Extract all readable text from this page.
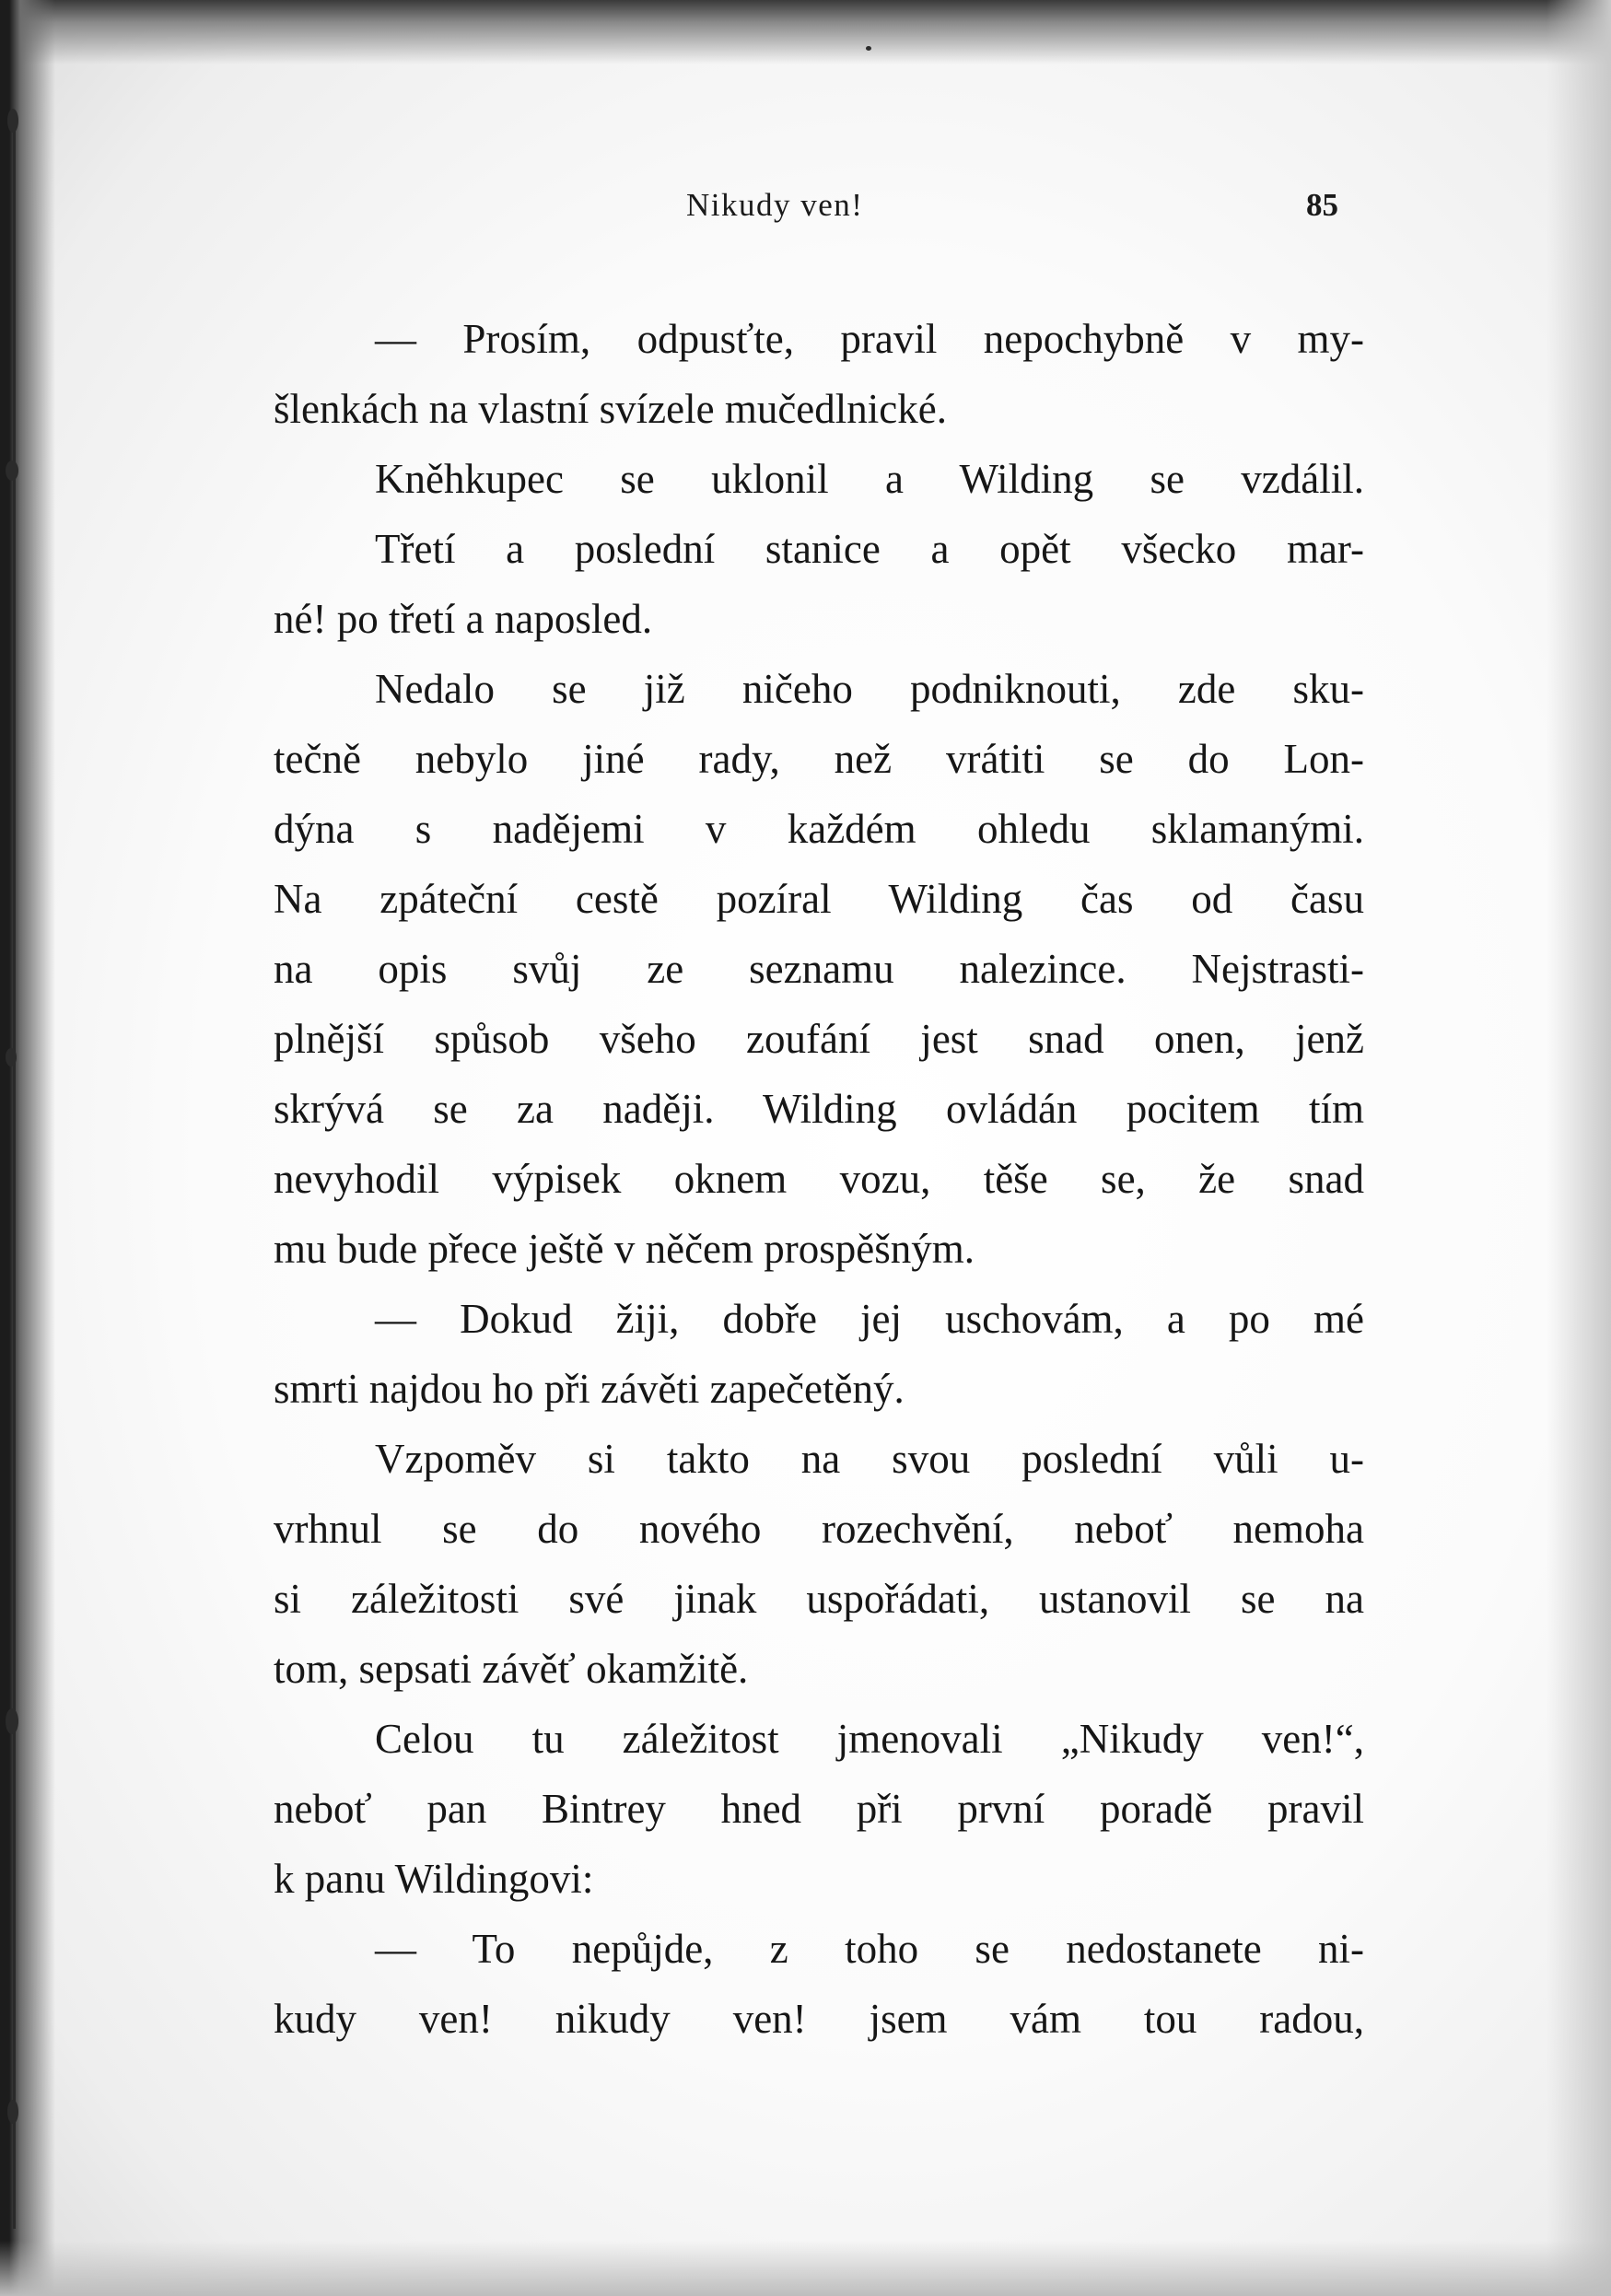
Nikudy ven!	85
— Prosím, odpusťte, pravil nepochybně v my-
šlenkách na vlastní svízele mučedlnické.
Kněhkupec se uklonil a Wilding se vzdálil.
Třetí a poslední stanice a opět všecko mar-
né! po třetí a naposled.
Nedalo se již ničeho podniknouti, zde sku-
tečně nebylo jiné rady, než vrátiti se do Lon-
dýna s nadějemi v každém ohledu sklamanými.
Na zpáteční cestě pozíral Wilding čas od času
na opis svůj ze seznamu nalezince. Nejstrasti-
plnější spůsob všeho zoufání jest snad onen, jenž
skrývá se za naději. Wilding ovládán pocitem tím
nevyhodil výpisek oknem vozu, těše se, že snad
mu bude přece ještě v něčem prospěšným.
— Dokud žiji, dobře jej uschovám, a po mé
smrti najdou ho při závěti zapečetěný.
Vzpoměv si takto na svou poslední vůli u-
vrhnul se do nového rozechvění, neboť nemoha
si záležitosti své jinak uspořádati, ustanovil se na
tom, sepsati závěť okamžitě.
Celou tu záležitost jmenovali „Nikudy ven!“,
neboť pan Bintrey hned při první poradě pravil
k panu Wildingovi:
— To nepůjde, z toho se nedostanete ni-
kudy ven! nikudy ven! jsem vám tou radou,
